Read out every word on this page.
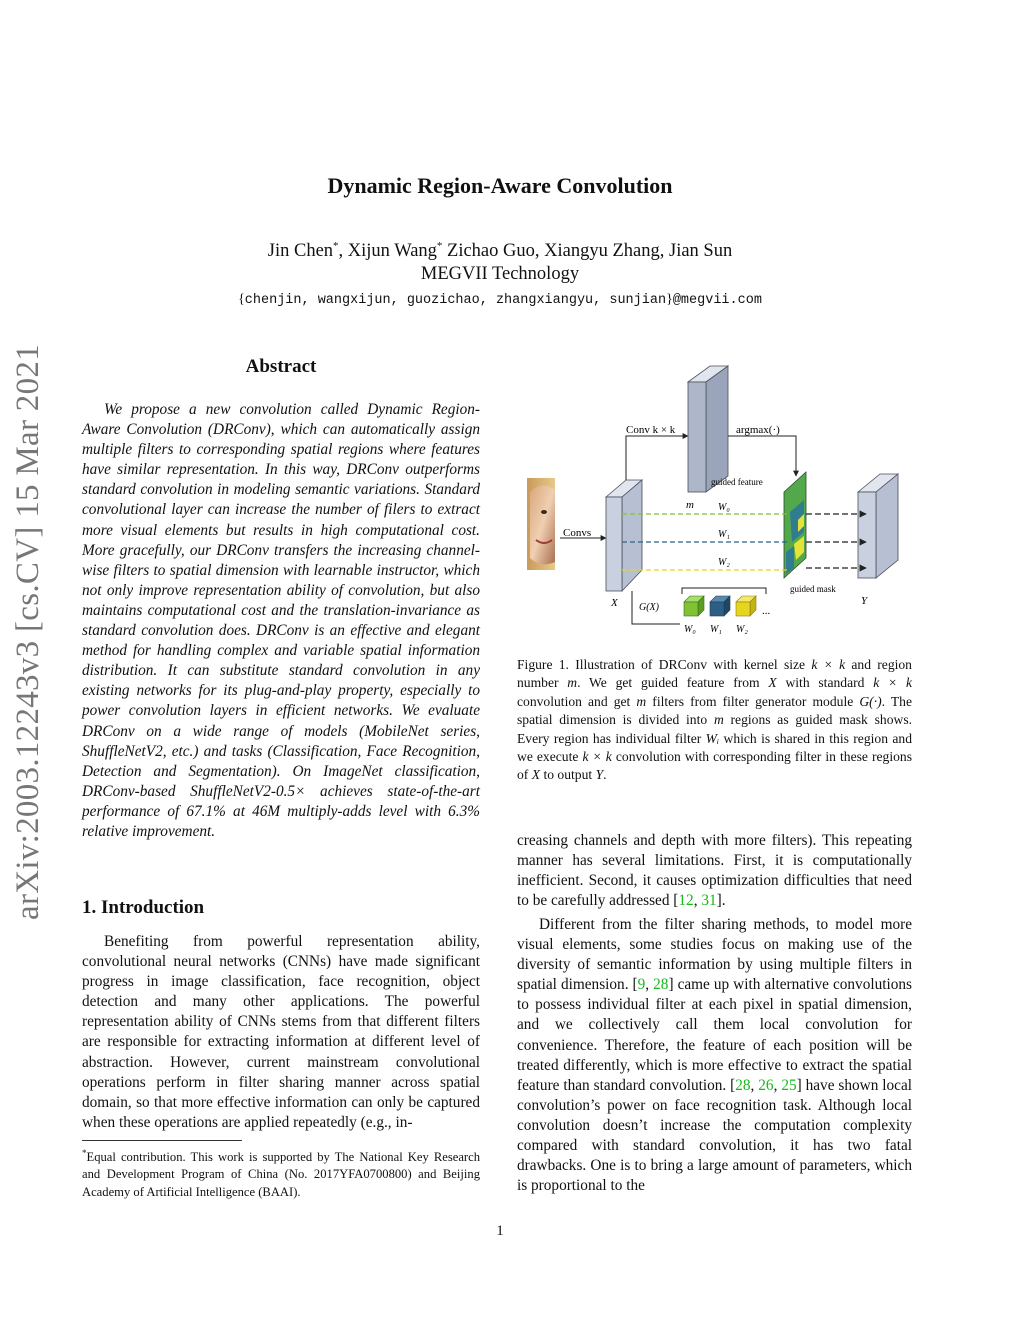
Dynamic Region-Aware Convolution
Jin Chen*, Xijun Wang* Zichao Guo, Xiangyu Zhang, Jian Sun
MEGVII Technology
{chenjin, wangxijun, guozichao, zhangxiangyu, sunjian}@megvii.com
arXiv:2003.12243v3 [cs.CV] 15 Mar 2021	Abstract
We propose a new convolution called Dynamic Region-Aware Convolution (DRConv), which can automatically assign multiple filters to corresponding spatial regions where features have similar representation. In this way, DRConv outperforms standard convolution in modeling semantic variations. Standard convolutional layer can increase the number of filers to extract more visual elements but results in high computational cost. More gracefully, our DRConv transfers the increasing channel-wise filters to spatial dimension with learnable instructor, which not only improve representation ability of convolution, but also maintains computational cost and the translation-invariance as standard convolution does. DRConv is an effective and elegant method for handling complex and variable spatial information distribution. It can substitute standard convolution in any existing networks for its plug-and-play property, especially to power convolution layers in efficient networks. We evaluate DRConv on a wide range of models (MobileNet series, ShuffleNetV2, etc.) and tasks (Classification, Face Recognition, Detection and Segmentation). On ImageNet classification, DRConv-based ShuffleNetV2-0.5× achieves state-of-the-art performance of 67.1% at 46M multiply-adds level with 6.3% relative improvement.
1. Introduction
Benefiting from powerful representation ability, convolutional neural networks (CNNs) have made significant progress in image classification, face recognition, object detection and many other applications. The powerful representation ability of CNNs stems from that different filters are responsible for extracting information at different level of abstraction. However, current mainstream convolutional operations perform in filter sharing manner across spatial domain, so that more effective information can only be captured when these operations are applied repeatedly (e.g., in-
*Equal contribution. This work is supported by The National Key Research and Development Program of China (No. 2017YFA0700800) and Beijing Academy of Artificial Intelligence (BAAI).
Convs
X
Conv k × k
guided feature
m
argmax(·)
guided mask
Y
W₀
W₁
W₂
G(X)	...
W₀ W₁ W₂
Figure 1. Illustration of DRConv with kernel size k × k and region number m. We get guided feature from X with standard k × k convolution and get m filters from filter generator module G(·). The spatial dimension is divided into m regions as guided mask shows. Every region has individual filter Wᵢ which is shared in this region and we execute k × k convolution with corresponding filter in these regions of X to output Y.
creasing channels and depth with more filters). This repeating manner has several limitations. First, it is computationally inefficient. Second, it causes optimization difficulties that need to be carefully addressed [12, 31].
Different from the filter sharing methods, to model more visual elements, some studies focus on making use of the diversity of semantic information by using multiple filters in spatial dimension. [9, 28] came up with alternative convolutions to possess individual filter at each pixel in spatial dimension, and we collectively call them local convolution for convenience. Therefore, the feature of each position will be treated differently, which is more effective to extract the spatial feature than standard convolution. [28, 26, 25] have shown local convolution’s power on face recognition task. Although local convolution doesn’t increase the computation complexity compared with standard convolution, it has two fatal drawbacks. One is to bring a large amount of parameters, which is proportional to the
1
